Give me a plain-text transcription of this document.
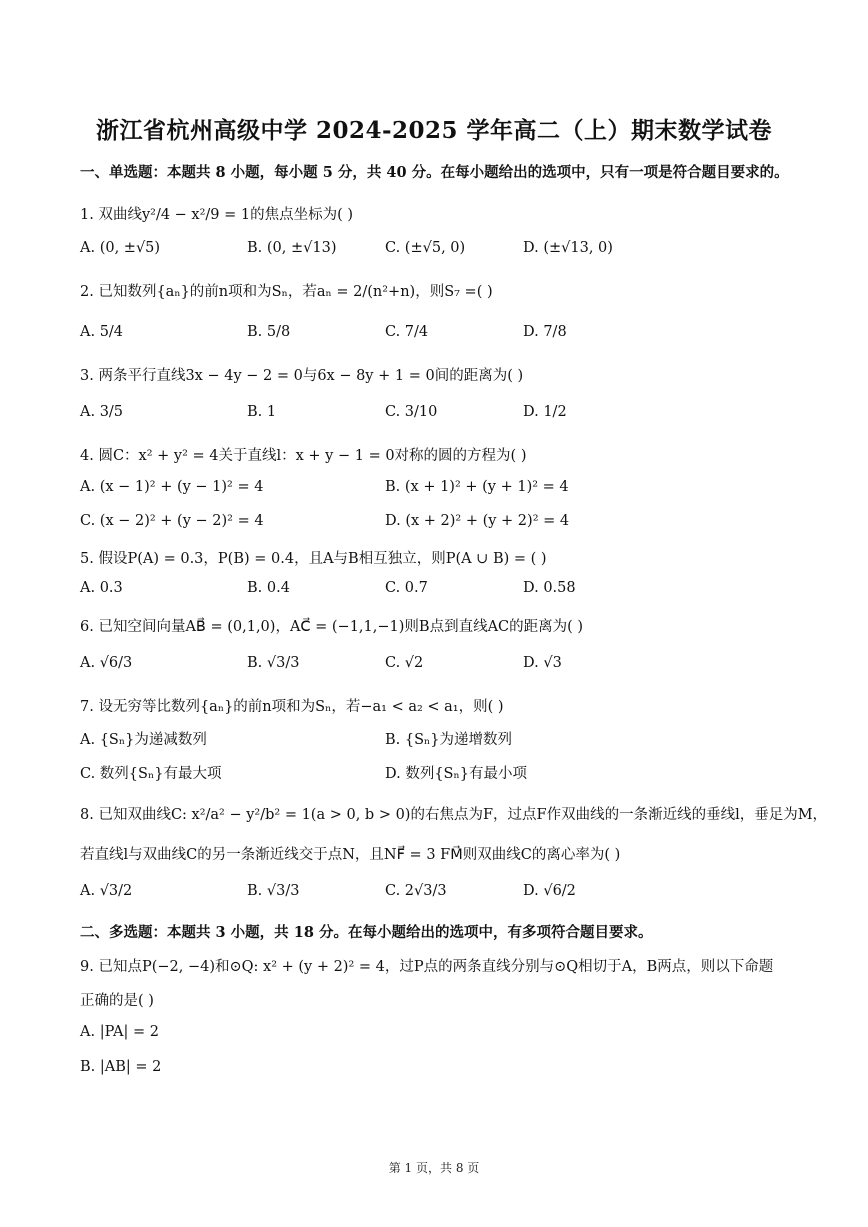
浙江省杭州高级中学 2024-2025 学年高二（上）期末数学试卷
一、单选题：本题共 8 小题，每小题 5 分，共 40 分。在每小题给出的选项中，只有一项是符合题目要求的。
1. 双曲线y²/4 − x²/9 = 1的焦点坐标为( )
A. (0, ±√5)	B. (0, ±√13)	C. (±√5, 0)	D. (±√13, 0)
2. 已知数列{aₙ}的前n项和为Sₙ，若aₙ = 2/(n²+n)，则S₇ =( )
A. 5/4	B. 5/8	C. 7/4	D. 7/8
3. 两条平行直线3x − 4y − 2 = 0与6x − 8y + 1 = 0间的距离为( )
A. 3/5	B. 1	C. 3/10	D. 1/2
4. 圆C：x² + y² = 4关于直线l：x + y − 1 = 0对称的圆的方程为( )
A. (x − 1)² + (y − 1)² = 4	B. (x + 1)² + (y + 1)² = 4
C. (x − 2)² + (y − 2)² = 4	D. (x + 2)² + (y + 2)² = 4
5. 假设P(A) = 0.3，P(B) = 0.4，且A与B相互独立，则P(A ∪ B) = ( )
A. 0.3	B. 0.4	C. 0.7	D. 0.58
6. 已知空间向量AB⃗ = (0,1,0)，AC⃗ = (−1,1,−1)则B点到直线AC的距离为( )
A. √6/3	B. √3/3	C. √2	D. √3
7. 设无穷等比数列{aₙ}的前n项和为Sₙ，若−a₁ < a₂ < a₁，则( )
A. {Sₙ}为递减数列	B. {Sₙ}为递增数列
C. 数列{Sₙ}有最大项	D. 数列{Sₙ}有最小项
8. 已知双曲线C: x²/a² − y²/b² = 1(a > 0, b > 0)的右焦点为F，过点F作双曲线的一条渐近线的垂线l，垂足为M，
若直线l与双曲线C的另一条渐近线交于点N，且NF⃗ = 3 FM⃗则双曲线C的离心率为( )
A. √3/2	B. √3/3	C. 2√3/3	D. √6/2
二、多选题：本题共 3 小题，共 18 分。在每小题给出的选项中，有多项符合题目要求。
9. 已知点P(−2, −4)和⊙Q: x² + (y + 2)² = 4，过P点的两条直线分别与⊙Q相切于A，B两点，则以下命题
正确的是( )
A. |PA| = 2
B. |AB| = 2
第 1 页，共 8 页
